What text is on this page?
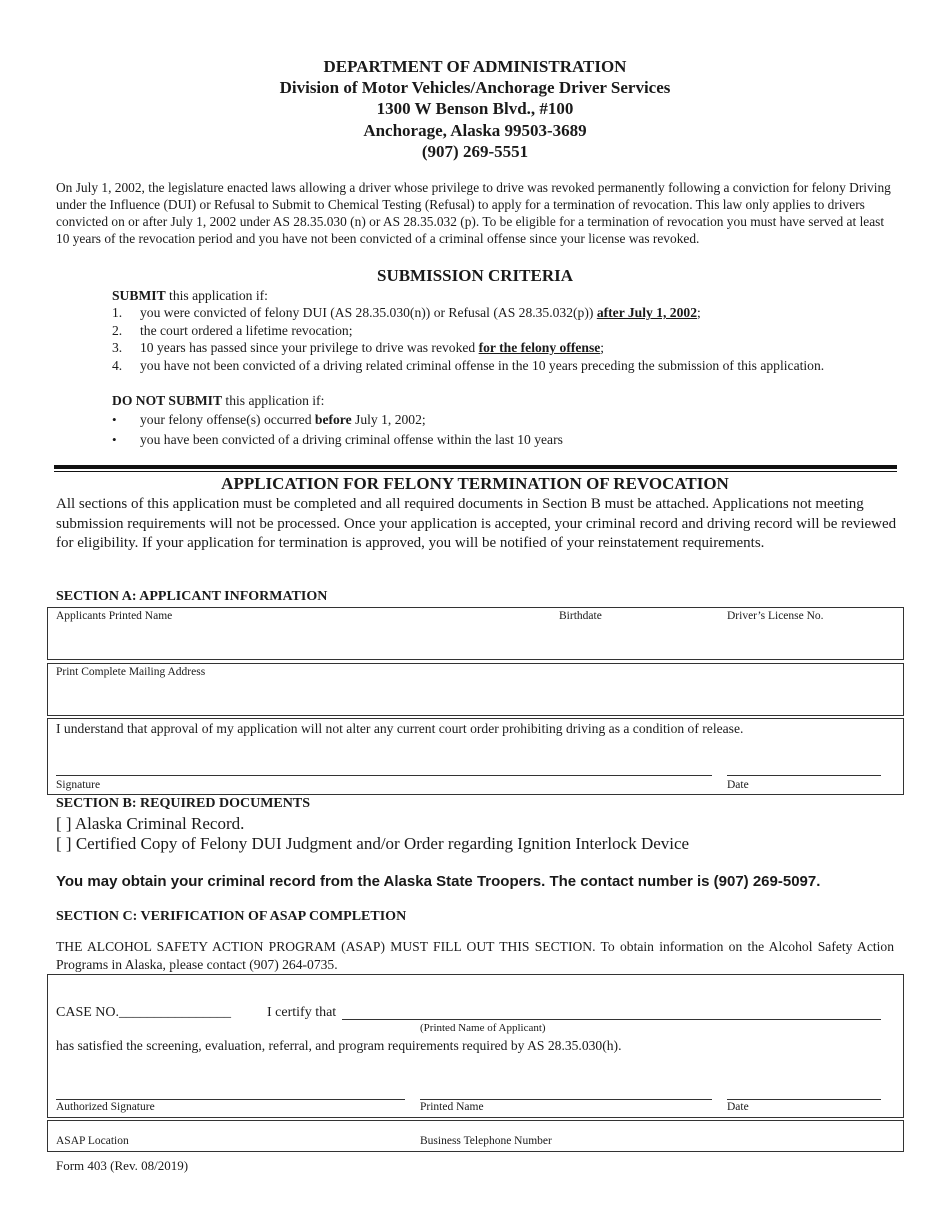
DEPARTMENT OF ADMINISTRATION
Division of Motor Vehicles/Anchorage Driver Services
1300 W Benson Blvd., #100
Anchorage, Alaska 99503-3689
(907) 269-5551
On July 1, 2002, the legislature enacted laws allowing a driver whose privilege to drive was revoked permanently following a conviction for felony Driving under the Influence (DUI) or Refusal to Submit to Chemical Testing (Refusal) to apply for a termination of revocation. This law only applies to drivers convicted on or after July 1, 2002 under AS 28.35.030 (n) or AS 28.35.032 (p). To be eligible for a termination of revocation you must have served at least 10 years of the revocation period and you have not been convicted of a criminal offense since your license was revoked.
SUBMISSION CRITERIA
SUBMIT this application if:
1. you were convicted of felony DUI (AS 28.35.030(n)) or Refusal (AS 28.35.032(p)) after July 1, 2002;
2. the court ordered a lifetime revocation;
3. 10 years has passed since your privilege to drive was revoked for the felony offense;
4. you have not been convicted of a driving related criminal offense in the 10 years preceding the submission of this application.
DO NOT SUBMIT this application if:
• your felony offense(s) occurred before July 1, 2002;
• you have been convicted of a driving criminal offense within the last 10 years
APPLICATION FOR FELONY TERMINATION OF REVOCATION
All sections of this application must be completed and all required documents in Section B must be attached. Applications not meeting submission requirements will not be processed. Once your application is accepted, your criminal record and driving record will be reviewed for eligibility. If your application for termination is approved, you will be notified of your reinstatement requirements.
SECTION A: APPLICANT INFORMATION
Applicants Printed Name	Birthdate	Driver’s License No.
Print Complete Mailing Address
I understand that approval of my application will not alter any current court order prohibiting driving as a condition of release.
Signature	Date
SECTION B: REQUIRED DOCUMENTS
[ ] Alaska Criminal Record.
[ ] Certified Copy of Felony DUI Judgment and/or Order regarding Ignition Interlock Device
You may obtain your criminal record from the Alaska State Troopers. The contact number is (907) 269-5097.
SECTION C: VERIFICATION OF ASAP COMPLETION
THE ALCOHOL SAFETY ACTION PROGRAM (ASAP) MUST FILL OUT THIS SECTION. To obtain information on the Alcohol Safety Action Programs in Alaska, please contact (907) 264-0735.
CASE NO.________________	I certify that
(Printed Name of Applicant)
has satisfied the screening, evaluation, referral, and program requirements required by AS 28.35.030(h).
Authorized Signature	Printed Name	Date
ASAP Location	Business Telephone Number
Form 403 (Rev. 08/2019)
